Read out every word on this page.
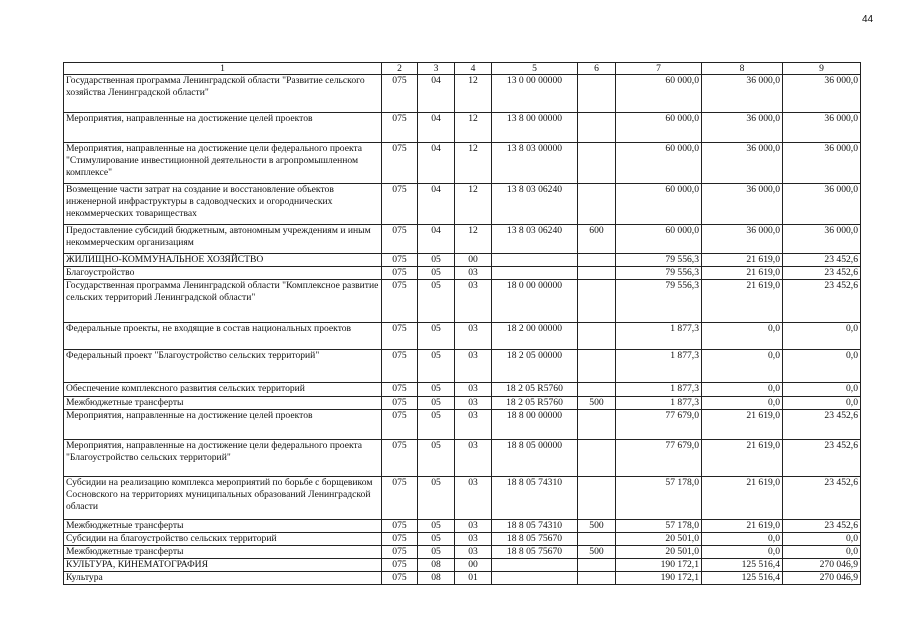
44
1	2	3	4	5	6	7	8	9
Государственная программа Ленинградской области "Развитие сельского хозяйства Ленинградской области"	075	04	12	13 0 00 00000		60 000,0	36 000,0	36 000,0
Мероприятия, направленные на достижение целей проектов	075	04	12	13 8 00 00000		60 000,0	36 000,0	36 000,0
Мероприятия, направленные на достижение цели федерального проекта "Стимулирование инвестиционной деятельности в агропромышленном комплексе"	075	04	12	13 8 03 00000		60 000,0	36 000,0	36 000,0
Возмещение части затрат на создание и восстановление объектов инженерной инфраструктуры в садоводческих и огороднических некоммерческих товариществах	075	04	12	13 8 03 06240		60 000,0	36 000,0	36 000,0
Предоставление субсидий бюджетным, автономным учреждениям и иным некоммерческим организациям	075	04	12	13 8 03 06240	600	60 000,0	36 000,0	36 000,0
ЖИЛИЩНО-КОММУНАЛЬНОЕ ХОЗЯЙСТВО	075	05	00			79 556,3	21 619,0	23 452,6
Благоустройство	075	05	03			79 556,3	21 619,0	23 452,6
Государственная программа Ленинградской области "Комплексное развитие сельских территорий Ленинградской области"	075	05	03	18 0 00 00000		79 556,3	21 619,0	23 452,6
Федеральные проекты, не входящие в состав национальных проектов	075	05	03	18 2 00 00000		1 877,3	0,0	0,0
Федеральный проект "Благоустройство сельских территорий"	075	05	03	18 2 05 00000		1 877,3	0,0	0,0
Обеспечение комплексного развития сельских территорий	075	05	03	18 2 05 R5760		1 877,3	0,0	0,0
Межбюджетные трансферты	075	05	03	18 2 05 R5760	500	1 877,3	0,0	0,0
Мероприятия, направленные на достижение целей проектов	075	05	03	18 8 00 00000		77 679,0	21 619,0	23 452,6
Мероприятия, направленные на достижение цели федерального проекта "Благоустройство сельских территорий"	075	05	03	18 8 05 00000		77 679,0	21 619,0	23 452,6
Субсидии на реализацию комплекса мероприятий по борьбе с борщевиком Сосновского на территориях муниципальных образований Ленинградской области	075	05	03	18 8 05 74310		57 178,0	21 619,0	23 452,6
Межбюджетные трансферты	075	05	03	18 8 05 74310	500	57 178,0	21 619,0	23 452,6
Субсидии на благоустройство сельских территорий	075	05	03	18 8 05 75670		20 501,0	0,0	0,0
Межбюджетные трансферты	075	05	03	18 8 05 75670	500	20 501,0	0,0	0,0
КУЛЬТУРА, КИНЕМАТОГРАФИЯ	075	08	00			190 172,1	125 516,4	270 046,9
Культура	075	08	01			190 172,1	125 516,4	270 046,9
